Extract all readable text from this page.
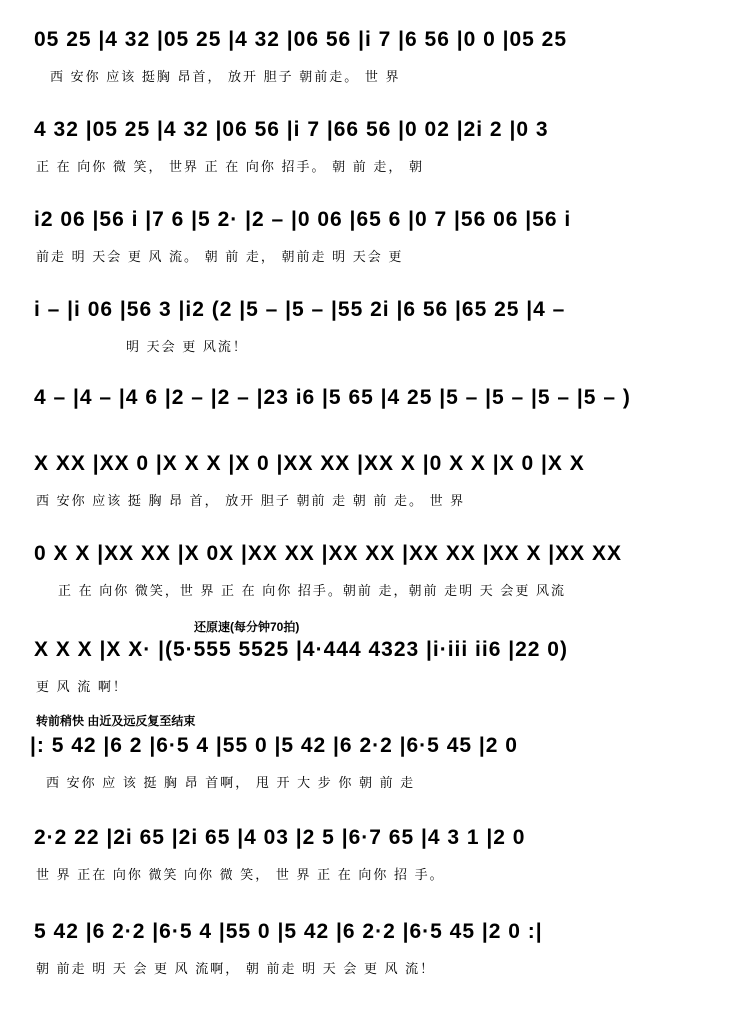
05 25 |4 32 |05 25 |4 32 |06 56 |i 7 |6 56 |0 0 |05 25
西 安你 应该 挺胸 昂首， 放开 胆子 朝前走。 世 界
4 32 |05 25 |4 32 |06 56 |i 7 |66 56 |0 02 |2i 2 |0 3
正 在 向你 微 笑， 世界 正 在 向你 招手。 朝 前 走， 朝
i2 06 |56 i |7 6 |5 2· |2 – |0 06 |65 6 |0 7 |56 06 |56 i
前走 明 天会 更 风 流。 朝 前 走， 朝前走 明 天会 更
i – |i 06 |56 3 |i2 (2 |5 – |5 – |55 2i |6 56 |65 25 |4 –
明 天会 更 风流！
4 – |4 – |4 6 |2 – |2 – |23 i6 |5 65 |4 25 |5 – |5 – |5 – |5 – )
X XX |XX 0 |X X X |X 0 |XX XX |XX X |0 X X |X 0 |X X
西 安你 应该 挺 胸 昂 首， 放开 胆子 朝前 走 朝 前 走。 世 界
0 X X |XX XX |X 0X |XX XX |XX XX |XX XX |XX X |XX XX
正 在 向你 微笑，世 界 正 在 向你 招手。朝前 走，朝前 走明 天 会更 风流
还原速(每分钟70拍)
X X X |X X· |(5·555 5525 |4·444 4323 |i·iii ii6 |22 0)
更 风 流 啊！
转前稍快 由近及远反复至结束
|: 5 42 |6 2 |6·5 4 |55 0 |5 42 |6 2·2 |6·5 45 |2 0
西 安你 应 该 挺 胸 昂 首啊， 甩 开 大 步 你 朝 前 走
2·2 22 |2i 65 |2i 65 |4 03 |2 5 |6·7 65 |4 3 1 |2 0
世 界 正在 向你 微笑 向你 微 笑， 世 界 正 在 向你 招 手。
5 42 |6 2·2 |6·5 4 |55 0 |5 42 |6 2·2 |6·5 45 |2 0 :|
朝 前走 明 天 会 更 风 流啊， 朝 前走 明 天 会 更 风 流！
